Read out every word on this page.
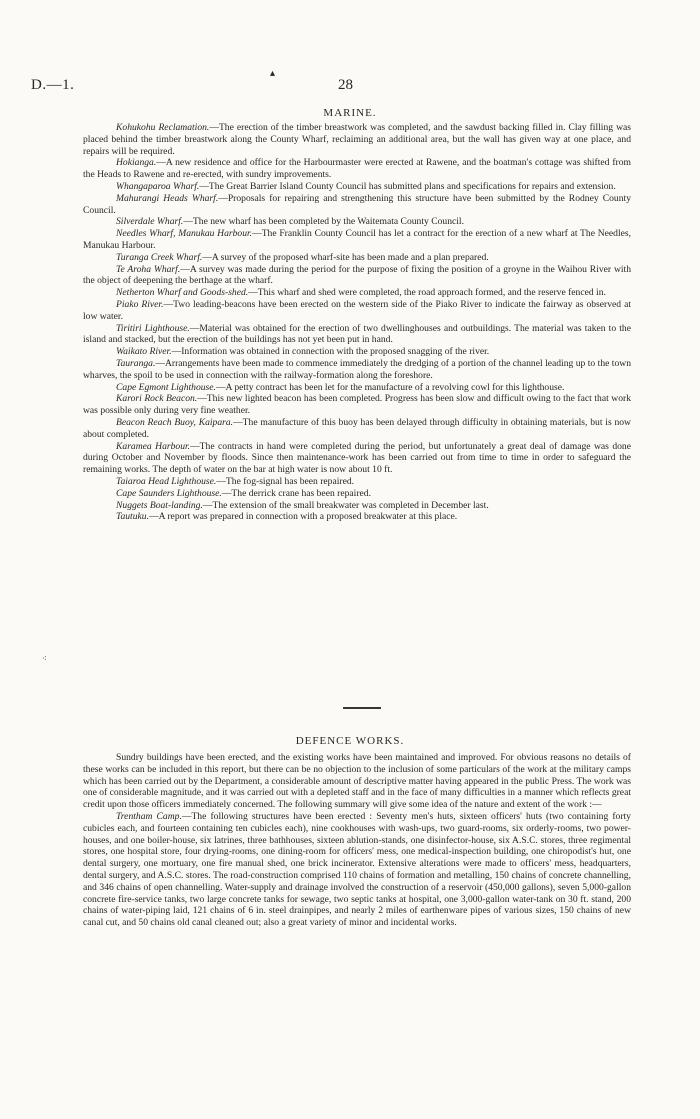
D.—1.
▴
28
MARINE.

Kohukohu Reclamation.—The erection of the timber breastwork was completed, and the sawdust backing filled in. Clay filling was placed behind the timber breastwork along the County Wharf, reclaiming an additional area, but the wall has given way at one place, and repairs will be required.

Hokianga.—A new residence and office for the Harbourmaster were erected at Rawene, and the boatman's cottage was shifted from the Heads to Rawene and re-erected, with sundry improvements.

Whangaparoa Wharf.—The Great Barrier Island County Council has submitted plans and specifications for repairs and extension.

Mahurangi Heads Wharf.—Proposals for repairing and strengthening this structure have been submitted by the Rodney County Council.

Silverdale Wharf.—The new wharf has been completed by the Waitemata County Council.

Needles Wharf, Manukau Harbour.—The Franklin County Council has let a contract for the erection of a new wharf at The Needles, Manukau Harbour.

Turanga Creek Wharf.—A survey of the proposed wharf-site has been made and a plan prepared.

Te Aroha Wharf.—A survey was made during the period for the purpose of fixing the position of a groyne in the Waihou River with the object of deepening the berthage at the wharf.

Netherton Wharf and Goods-shed.—This wharf and shed were completed, the road approach formed, and the reserve fenced in.

Piako River.—Two leading-beacons have been erected on the western side of the Piako River to indicate the fairway as observed at low water.

Tiritiri Lighthouse.—Material was obtained for the erection of two dwellinghouses and outbuildings. The material was taken to the island and stacked, but the erection of the buildings has not yet been put in hand.

Waikato River.—Information was obtained in connection with the proposed snagging of the river.

Tauranga.—Arrangements have been made to commence immediately the dredging of a portion of the channel leading up to the town wharves, the spoil to be used in connection with the railway-formation along the foreshore.

Cape Egmont Lighthouse.—A petty contract has been let for the manufacture of a revolving cowl for this lighthouse.

Karori Rock Beacon.—This new lighted beacon has been completed. Progress has been slow and difficult owing to the fact that work was possible only during very fine weather.

Beacon Reach Buoy, Kaipara.—The manufacture of this buoy has been delayed through difficulty in obtaining materials, but is now about completed.

Karamea Harbour.—The contracts in hand were completed during the period, but unfortunately a great deal of damage was done during October and November by floods. Since then maintenance-work has been carried out from time to time in order to safeguard the remaining works. The depth of water on the bar at high water is now about 10 ft.

Taiaroa Head Lighthouse.—The fog-signal has been repaired.

Cape Saunders Lighthouse.—The derrick crane has been repaired.

Nuggets Boat-landing.—The extension of the small breakwater was completed in December last.

Tautuku.—A report was prepared in connection with a proposed breakwater at this place.

⁖
DEFENCE WORKS.

Sundry buildings have been erected, and the existing works have been maintained and improved. For obvious reasons no details of these works can be included in this report, but there can be no objection to the inclusion of some particulars of the work at the military camps which has been carried out by the Department, a considerable amount of descriptive matter having appeared in the public Press. The work was one of considerable magnitude, and it was carried out with a depleted staff and in the face of many difficulties in a manner which reflects great credit upon those officers immediately concerned. The following summary will give some idea of the nature and extent of the work :—

Trentham Camp.—The following structures have been erected : Seventy men's huts, sixteen officers' huts (two containing forty cubicles each, and fourteen containing ten cubicles each), nine cookhouses with wash-ups, two guard-rooms, six orderly-rooms, two power-houses, and one boiler-house, six latrines, three bathhouses, sixteen ablution-stands, one disinfector-house, six A.S.C. stores, three regimental stores, one hospital store, four drying-rooms, one dining-room for officers' mess, one medical-inspection building, one chiropodist's hut, one dental surgery, one mortuary, one fire manual shed, one brick incinerator. Extensive alterations were made to officers' mess, headquarters, dental surgery, and A.S.C. stores. The road-construction comprised 110 chains of formation and metalling, 150 chains of concrete channelling, and 346 chains of open channelling. Water-supply and drainage involved the construction of a reservoir (450,000 gallons), seven 5,000-gallon concrete fire-service tanks, two large concrete tanks for sewage, two septic tanks at hospital, one 3,000-gallon water-tank on 30 ft. stand, 200 chains of water-piping laid, 121 chains of 6 in. steel drainpipes, and nearly 2 miles of earthenware pipes of various sizes, 150 chains of new canal cut, and 50 chains old canal cleaned out; also a great variety of minor and incidental works.
